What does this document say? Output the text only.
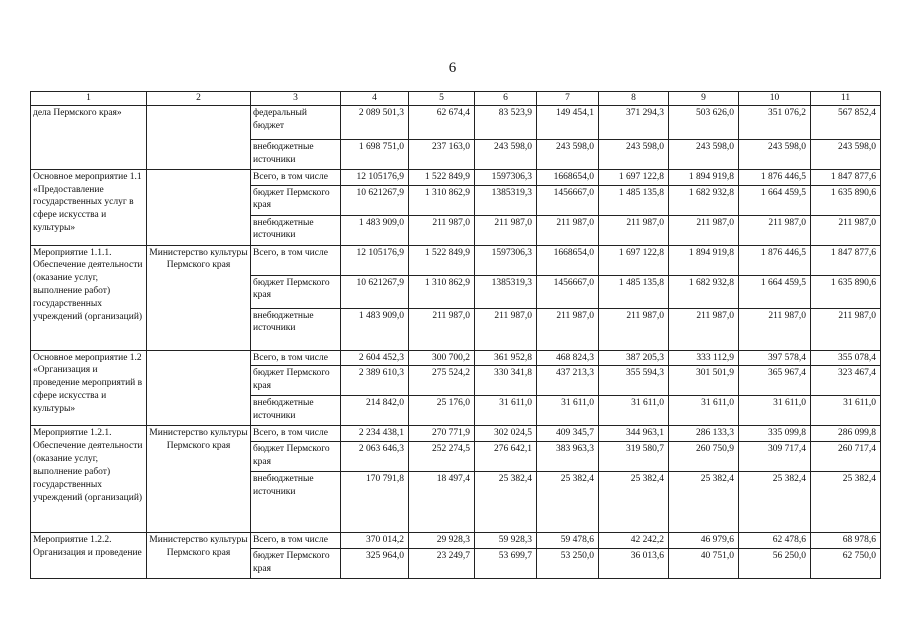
6
1	2	3	4	5	6	7	8	9	10	11
дела Пермского края»		федеральный бюджет	2 089 501,3	62 674,4	83 523,9	149 454,1	371 294,3	503 626,0	351 076,2	567 852,4
		внебюджетные источники	1 698 751,0	237 163,0	243 598,0	243 598,0	243 598,0	243 598,0	243 598,0	243 598,0
Основное мероприятие 1.1 «Предоставление государственных услуг в сфере искусства и культуры»		Всего, в том числе	12 105176,9	1 522 849,9	1597306,3	1668654,0	1 697 122,8	1 894 919,8	1 876 446,5	1 847 877,6
		бюджет Пермского края	10 621267,9	1 310 862,9	1385319,3	1456667,0	1 485 135,8	1 682 932,8	1 664 459,5	1 635 890,6
		внебюджетные источники	1 483 909,0	211 987,0	211 987,0	211 987,0	211 987,0	211 987,0	211 987,0	211 987,0
Мероприятие 1.1.1. Обеспечение деятельности (оказание услуг, выполнение работ) государственных учреждений (организаций)	Министерство культуры Пермского края	Всего, в том числе	12 105176,9	1 522 849,9	1597306,3	1668654,0	1 697 122,8	1 894 919,8	1 876 446,5	1 847 877,6
		бюджет Пермского края	10 621267,9	1 310 862,9	1385319,3	1456667,0	1 485 135,8	1 682 932,8	1 664 459,5	1 635 890,6
		внебюджетные источники	1 483 909,0	211 987,0	211 987,0	211 987,0	211 987,0	211 987,0	211 987,0	211 987,0
Основное мероприятие 1.2 «Организация и проведение мероприятий в сфере искусства и культуры»		Всего, в том числе	2 604 452,3	300 700,2	361 952,8	468 824,3	387 205,3	333 112,9	397 578,4	355 078,4
		бюджет Пермского края	2 389 610,3	275 524,2	330 341,8	437 213,3	355 594,3	301 501,9	365 967,4	323 467,4
		внебюджетные источники	214 842,0	25 176,0	31 611,0	31 611,0	31 611,0	31 611,0	31 611,0	31 611,0
Мероприятие 1.2.1. Обеспечение деятельности (оказание услуг, выполнение работ) государственных учреждений (организаций)	Министерство культуры Пермского края	Всего, в том числе	2 234 438,1	270 771,9	302 024,5	409 345,7	344 963,1	286 133,3	335 099,8	286 099,8
		бюджет Пермского края	2 063 646,3	252 274,5	276 642,1	383 963,3	319 580,7	260 750,9	309 717,4	260 717,4
		внебюджетные источники	170 791,8	18 497,4	25 382,4	25 382,4	25 382,4	25 382,4	25 382,4	25 382,4
Мероприятие 1.2.2. Организация и проведение	Министерство культуры Пермского края	Всего, в том числе	370 014,2	29 928,3	59 928,3	59 478,6	42 242,2	46 979,6	62 478,6	68 978,6
		бюджет Пермского края	325 964,0	23 249,7	53 699,7	53 250,0	36 013,6	40 751,0	56 250,0	62 750,0
